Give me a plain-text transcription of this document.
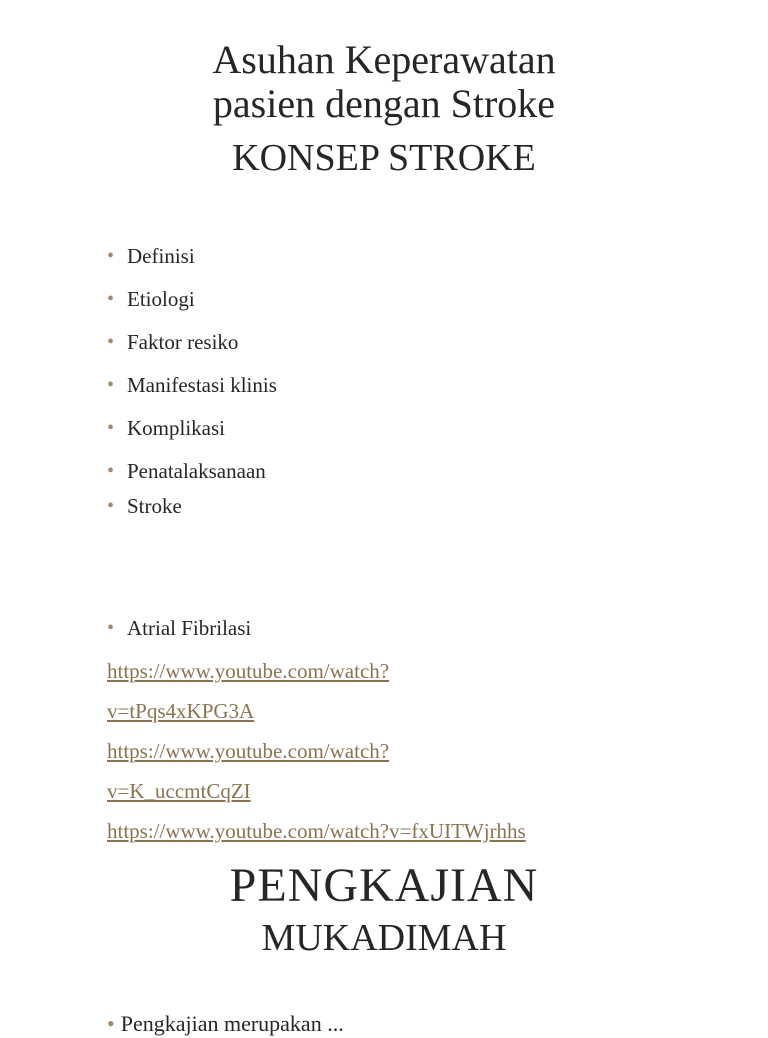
Asuhan Keperawatan
pasien dengan Stroke
KONSEP STROKE
• Definisi
• Etiologi
• Faktor resiko
• Manifestasi klinis
• Komplikasi
• Penatalaksanaan
• Stroke
• Atrial Fibrilasi
https://www.youtube.com/watch?
v=tPqs4xKPG3A
https://www.youtube.com/watch?
v=K_uccmtCqZI
https://www.youtube.com/watch?v=fxUITWjrhhs
PENGKAJIAN
MUKADIMAH
• Pengkajian merupakan ...
